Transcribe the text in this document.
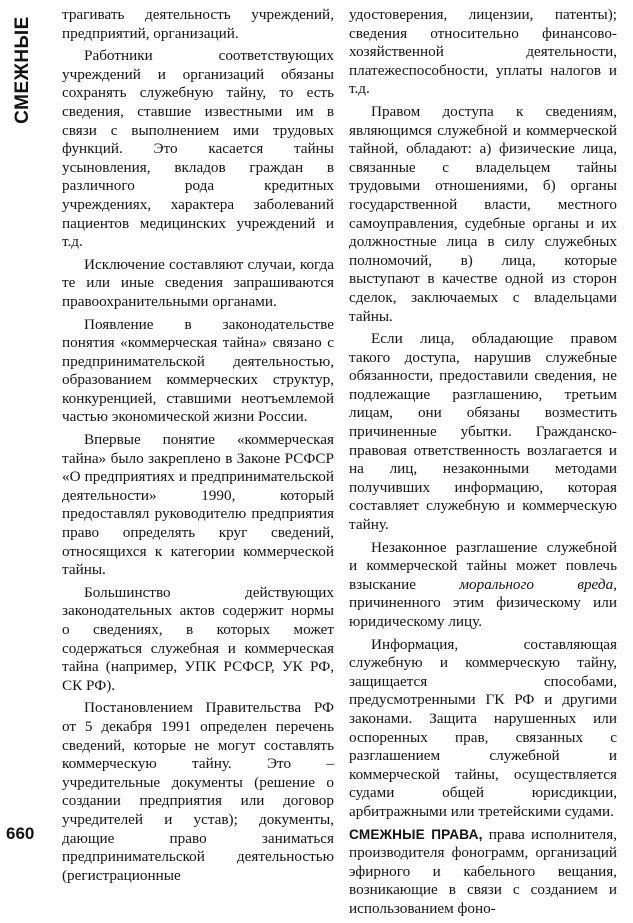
СМЕЖНЫЕ

трагивать деятельность учреждений, предприятий, организаций.

Работники соответствующих учреждений и организаций обязаны сохранять служебную тайну, то есть сведения, ставшие известными им в связи с выполнением ими трудовых функций. Это касается тайны усыновления, вкладов граждан в различного рода кредитных учреждениях, характера заболеваний пациентов медицинских учреждений и т.д.

Исключение составляют случаи, когда те или иные сведения запрашиваются правоохранительными органами.

Появление в законодательстве понятия «коммерческая тайна» связано с предпринимательской деятельностью, образованием коммерческих структур, конкуренцией, ставшими неотъемлемой частью экономической жизни России.

Впервые понятие «коммерческая тайна» было закреплено в Законе РСФСР «О предприятиях и предпринимательской деятельности» 1990, который предоставлял руководителю предприятия право определять круг сведений, относящихся к категории коммерческой тайны.

Большинство действующих законодательных актов содержит нормы о сведениях, в которых может содержаться служебная и коммерческая тайна (например, УПК РСФСР, УК РФ, СК РФ).

Постановлением Правительства РФ от 5 декабря 1991 определен перечень сведений, которые не могут составлять коммерческую тайну. Это – учредительные документы (решение о создании предприятия или договор учредителей и устав); документы, дающие право заниматься предпринимательской деятельностью (регистрационные

удостоверения, лицензии, патенты); сведения относительно финансово-хозяйственной деятельности, платежеспособности, уплаты налогов и т.д.

Правом доступа к сведениям, являющимся служебной и коммерческой тайной, обладают: а) физические лица, связанные с владельцем тайны трудовыми отношениями, б) органы государственной власти, местного самоуправления, судебные органы и их должностные лица в силу служебных полномочий, в) лица, которые выступают в качестве одной из сторон сделок, заключаемых с владельцами тайны.

Если лица, обладающие правом такого доступа, нарушив служебные обязанности, предоставили сведения, не подлежащие разглашению, третьим лицам, они обязаны возместить причиненные убытки. Гражданско-правовая ответственность возлагается и на лиц, незаконными методами получивших информацию, которая составляет служебную и коммерческую тайну.

Незаконное разглашение служебной и коммерческой тайны может повлечь взыскание морального вреда, причиненного этим физическому или юридическому лицу.

Информация, составляющая служебную и коммерческую тайну, защищается способами, предусмотренными ГК РФ и другими законами. Защита нарушенных или оспоренных прав, связанных с разглашением служебной и коммерческой тайны, осуществляется судами общей юрисдикции, арбитражными или третейскими судами.

СМЕЖНЫЕ ПРАВА, права исполнителя, производителя фонограмм, организаций эфирного и кабельного вещания, возникающие в связи с созданием и использованием фоно-

660
